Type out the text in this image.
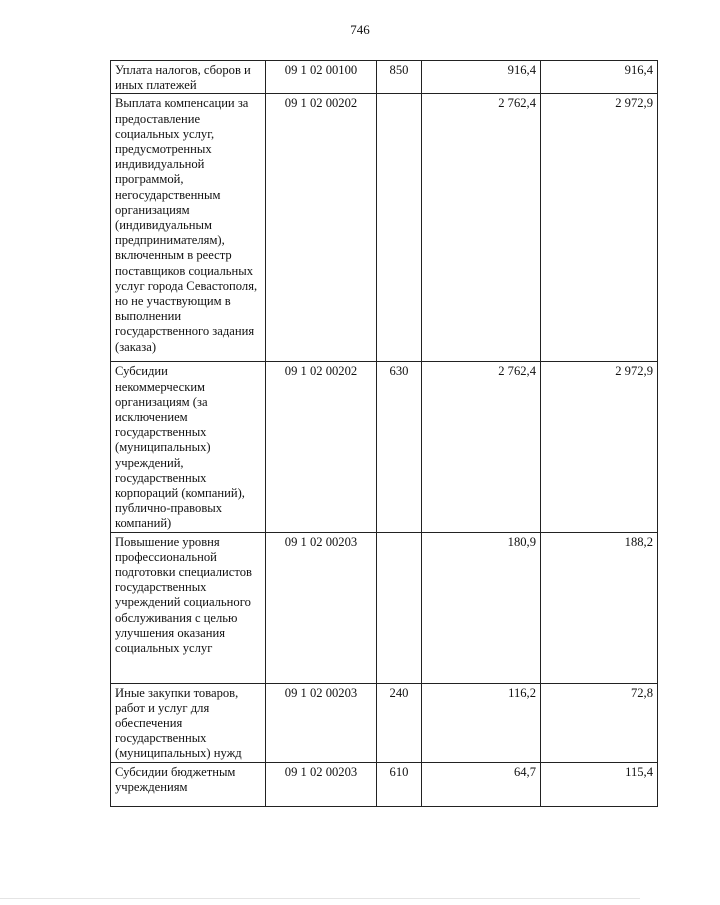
746
Уплата налогов, сборов и иных платежей	09 1 02 00100	850	916,4	916,4
Выплата компенсации за предоставление социальных услуг, предусмотренных индивидуальной программой, негосударственным организациям (индивидуальным предпринимателям), включенным в реестр поставщиков социальных услуг города Севастополя, но не участвующим в выполнении государственного задания (заказа)	09 1 02 00202		2 762,4	2 972,9
Субсидии некоммерческим организациям (за исключением государственных (муниципальных) учреждений, государственных корпораций (компаний), публично-правовых компаний)	09 1 02 00202	630	2 762,4	2 972,9
Повышение уровня профессиональной подготовки специалистов государственных учреждений социального обслуживания с целью улучшения оказания социальных услуг	09 1 02 00203		180,9	188,2
Иные закупки товаров, работ и услуг для обеспечения государственных (муниципальных) нужд	09 1 02 00203	240	116,2	72,8
Субсидии бюджетным учреждениям	09 1 02 00203	610	64,7	115,4
